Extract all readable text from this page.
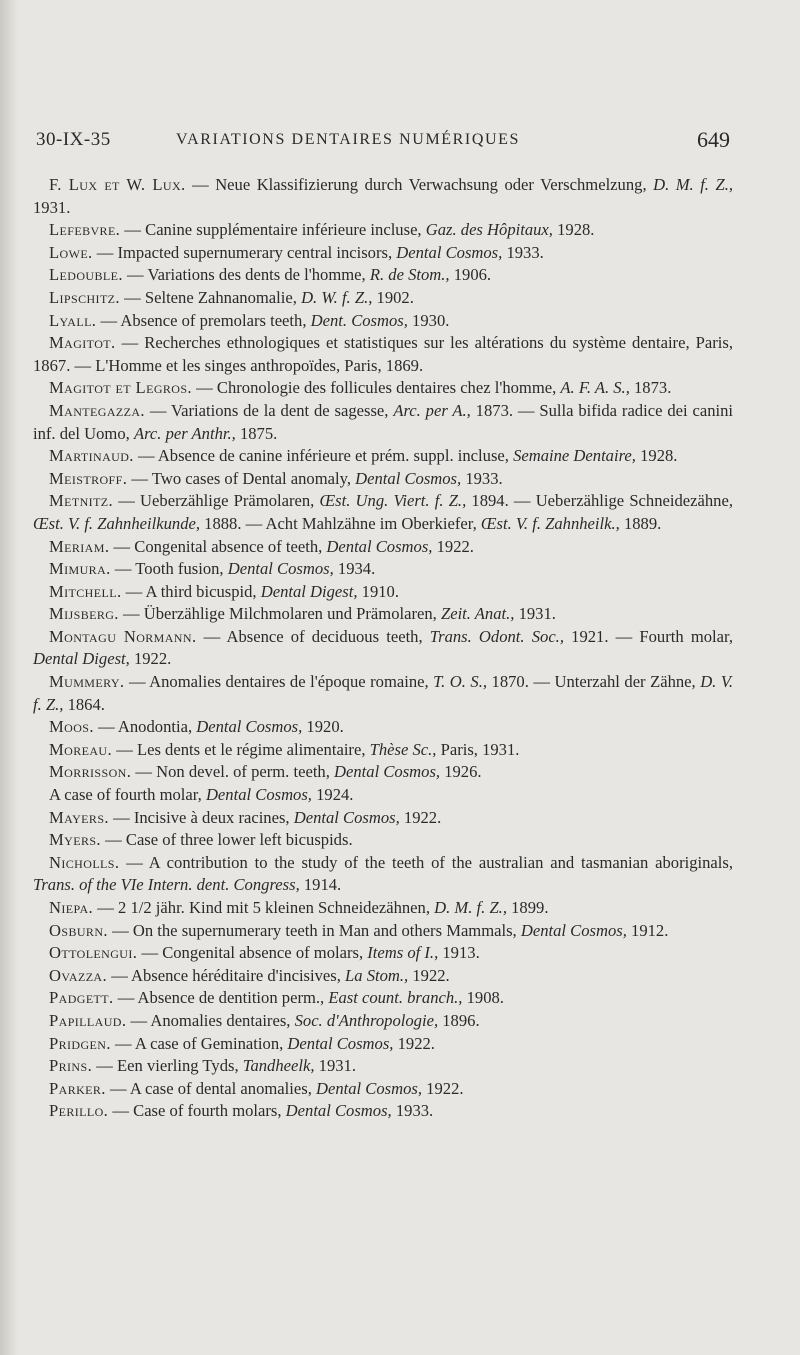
30-IX-35	VARIATIONS DENTAIRES NUMÉRIQUES	649

F. Lux et W. Lux. — Neue Klassifizierung durch Verwachsung oder Verschmelzung, D. M. f. Z., 1931.

Lefebvre. — Canine supplémentaire inférieure incluse, Gaz. des Hôpitaux, 1928.

Lowe. — Impacted supernumerary central incisors, Dental Cosmos, 1933.

Ledouble. — Variations des dents de l'homme, R. de Stom., 1906.

Lipschitz. — Seltene Zahnanomalie, D. W. f. Z., 1902.

Lyall. — Absence of premolars teeth, Dent. Cosmos, 1930.

Magitot. — Recherches ethnologiques et statistiques sur les altérations du système dentaire, Paris, 1867. — L'Homme et les singes anthropoïdes, Paris, 1869.

Magitot et Legros. — Chronologie des follicules dentaires chez l'homme, A. F. A. S., 1873.

Mantegazza. — Variations de la dent de sagesse, Arc. per A., 1873. — Sulla bifida radice dei canini inf. del Uomo, Arc. per Anthr., 1875.

Martinaud. — Absence de canine inférieure et prém. suppl. incluse, Semaine Dentaire, 1928.

Meistroff. — Two cases of Dental anomaly, Dental Cosmos, 1933.

Metnitz. — Ueberzählige Prämolaren, Œst. Ung. Viert. f. Z., 1894. — Ueberzählige Schneidezähne, Œst. V. f. Zahnheilkunde, 1888. — Acht Mahlzähne im Oberkiefer, Œst. V. f. Zahnheilk., 1889.

Meriam. — Congenital absence of teeth, Dental Cosmos, 1922.

Mimura. — Tooth fusion, Dental Cosmos, 1934.

Mitchell. — A third bicuspid, Dental Digest, 1910.

Mijsberg. — Überzählige Milchmolaren und Prämolaren, Zeit. Anat., 1931.

Montagu Normann. — Absence of deciduous teeth, Trans. Odont. Soc., 1921. — Fourth molar, Dental Digest, 1922.

Mummery. — Anomalies dentaires de l'époque romaine, T. O. S., 1870. — Unterzahl der Zähne, D. V. f. Z., 1864.

Moos. — Anodontia, Dental Cosmos, 1920.

Moreau. — Les dents et le régime alimentaire, Thèse Sc., Paris, 1931.

Morrisson. — Non devel. of perm. teeth, Dental Cosmos, 1926.

A case of fourth molar, Dental Cosmos, 1924.

Mayers. — Incisive à deux racines, Dental Cosmos, 1922.

Myers. — Case of three lower left bicuspids.

Nicholls. — A contribution to the study of the teeth of the australian and tasmanian aboriginals, Trans. of the VIe Intern. dent. Congress, 1914.

Niepa. — 2 1/2 jähr. Kind mit 5 kleinen Schneidezähnen, D. M. f. Z., 1899.

Osburn. — On the supernumerary teeth in Man and others Mammals, Dental Cosmos, 1912.

Ottolengui. — Congenital absence of molars, Items of I., 1913.

Ovazza. — Absence héréditaire d'incisives, La Stom., 1922.

Padgett. — Absence de dentition perm., East count. branch., 1908.

Papillaud. — Anomalies dentaires, Soc. d'Anthropologie, 1896.

Pridgen. — A case of Gemination, Dental Cosmos, 1922.

Prins. — Een vierling Tyds, Tandheelk, 1931.

Parker. — A case of dental anomalies, Dental Cosmos, 1922.

Perillo. — Case of fourth molars, Dental Cosmos, 1933.
